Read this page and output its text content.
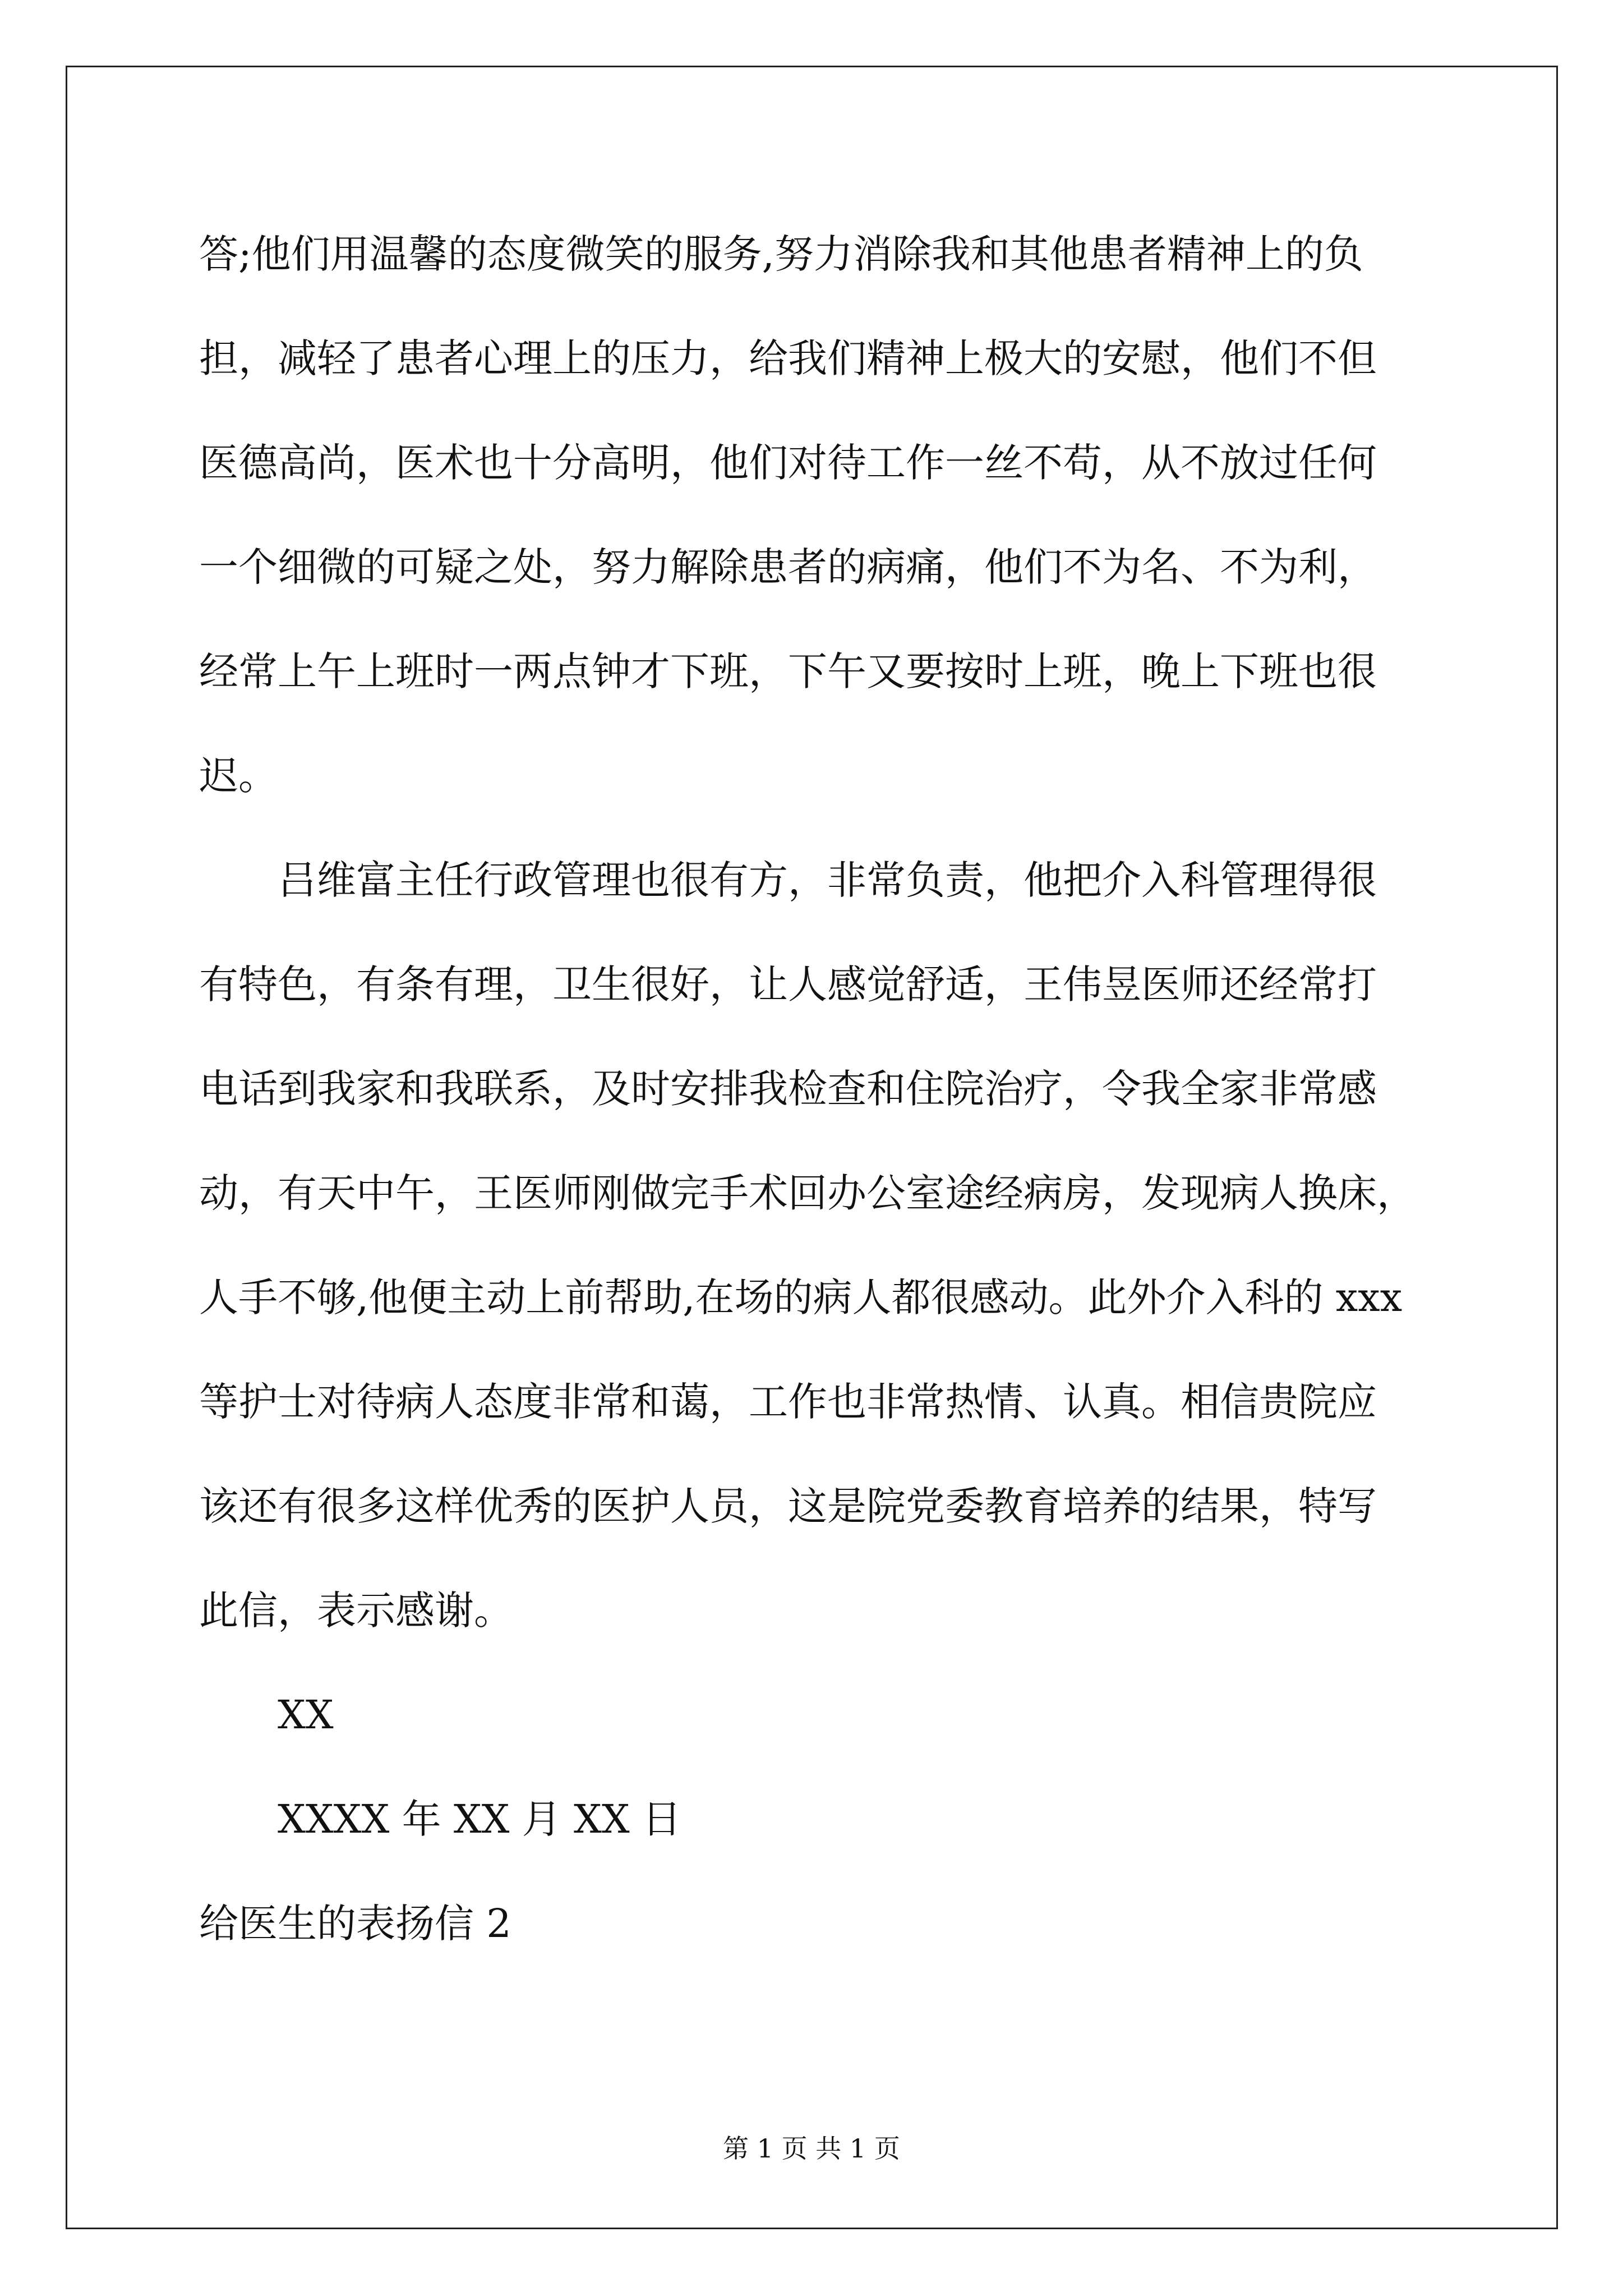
答;他们用温馨的态度微笑的服务,努力消除我和其他患者精神上的负
担，减轻了患者心理上的压力，给我们精神上极大的安慰，他们不但
医德高尚，医术也十分高明，他们对待工作一丝不苟，从不放过任何
一个细微的可疑之处，努力解除患者的病痛，他们不为名、不为利，
经常上午上班时一两点钟才下班，下午又要按时上班，晚上下班也很
迟。
吕维富主任行政管理也很有方，非常负责，他把介入科管理得很
有特色，有条有理，卫生很好，让人感觉舒适，王伟昱医师还经常打
电话到我家和我联系，及时安排我检查和住院治疗，令我全家非常感
动，有天中午，王医师刚做完手术回办公室途经病房，发现病人换床，
人手不够,他便主动上前帮助,在场的病人都很感动。此外介入科的 xxx
等护士对待病人态度非常和蔼，工作也非常热情、认真。相信贵院应
该还有很多这样优秀的医护人员，这是院党委教育培养的结果，特写
此信，表示感谢。
XX
XXXX 年 XX 月 XX 日
给医生的表扬信 2
第 1 页 共 1 页
